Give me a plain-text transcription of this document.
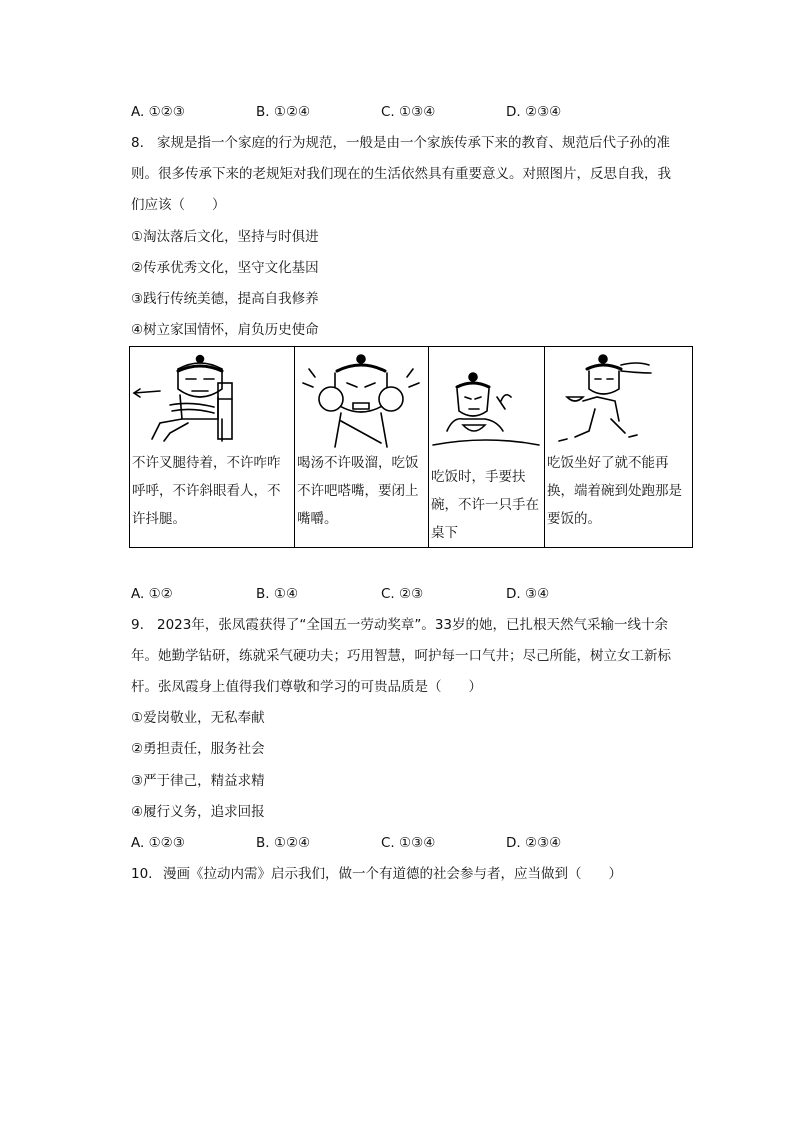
A. ①②③	B. ①②④	C. ①③④	D. ②③④
8. 家规是指一个家庭的行为规范，一般是由一个家族传承下来的教育、规范后代子孙的准
则。很多传承下来的老规矩对我们现在的生活依然具有重要意义。对照图片，反思自我，我
们应该（　　）
①淘汰落后文化，坚持与时俱进
②传承优秀文化，坚守文化基因
③践行传统美德，提高自我修养
④树立家国情怀，肩负历史使命
不许叉腿待着，不许咋咋呼呼，不许斜眼看人，不许抖腿。

喝汤不许吸溜，吃饭不许吧嗒嘴，要闭上嘴嚼。

吃饭时，手要扶碗，不许一只手在桌下

吃饭坐好了就不能再换，端着碗到处跑那是要饭的。
A. ①②	B. ①④	C. ②③	D. ③④
9. 2023年，张凤霞获得了“全国五一劳动奖章”。33岁的她，已扎根天然气采输一线十余
年。她勤学钻研，练就采气硬功夫；巧用智慧，呵护每一口气井；尽己所能，树立女工新标
杆。张凤霞身上值得我们尊敬和学习的可贵品质是（　　）
①爱岗敬业，无私奉献
②勇担责任，服务社会
③严于律己，精益求精
④履行义务，追求回报
A. ①②③	B. ①②④	C. ①③④	D. ②③④
10. 漫画《拉动内需》启示我们，做一个有道德的社会参与者，应当做到（　　）
